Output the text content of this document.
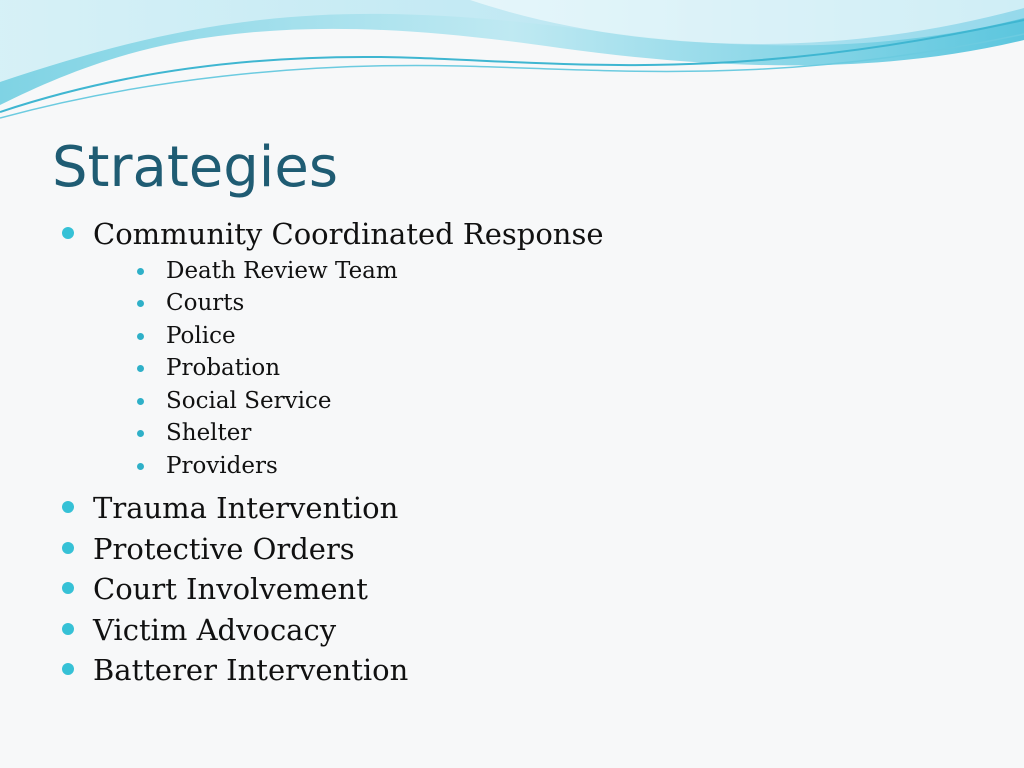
Strategies
Community Coordinated Response
Death Review Team
Courts
Police
Probation
Social Service
Shelter
Providers
Trauma Intervention
Protective Orders
Court Involvement
Victim Advocacy
Batterer Intervention
